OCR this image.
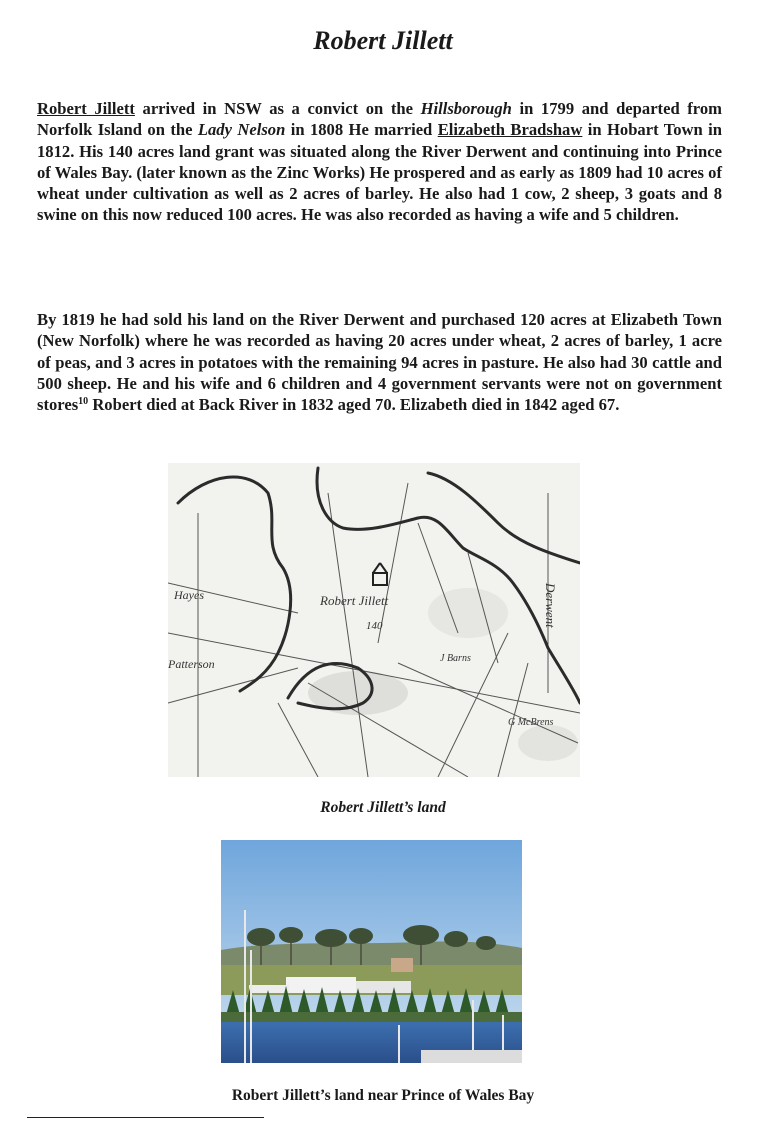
Robert Jillett

Robert Jillett arrived in NSW as a convict on the Hillsborough in 1799 and departed from Norfolk Island on the Lady Nelson in 1808 He married Elizabeth Bradshaw in Hobart Town in 1812. His 140 acres land grant was situated along the River Derwent and continuing into Prince of Wales Bay. (later known as the Zinc Works) He prospered and as early as 1809 had 10 acres of wheat under cultivation as well as 2 acres of barley. He also had 1 cow, 2 sheep, 3 goats and 8 swine on this now reduced 100 acres. He was also recorded as having a wife and 5 children.

By 1819 he had sold his land on the River Derwent and purchased 120 acres at Elizabeth Town (New Norfolk) where he was recorded as having 20 acres under wheat, 2 acres of barley, 1 acre of peas, and 3 acres in potatoes with the remaining 94 acres in pasture. He also had 30 cattle and 500 sheep. He and his wife and 6 children and 4 government servants were not on government stores$^{10}$ Robert died at Back River in 1832 aged 70. Elizabeth died in 1842 aged 67.

Hayes
Patterson
Robert Jillett
140
J Barns
G McBrens
Derwent

Robert Jillett’s land

Robert Jillett’s land near Prince of Wales Bay
